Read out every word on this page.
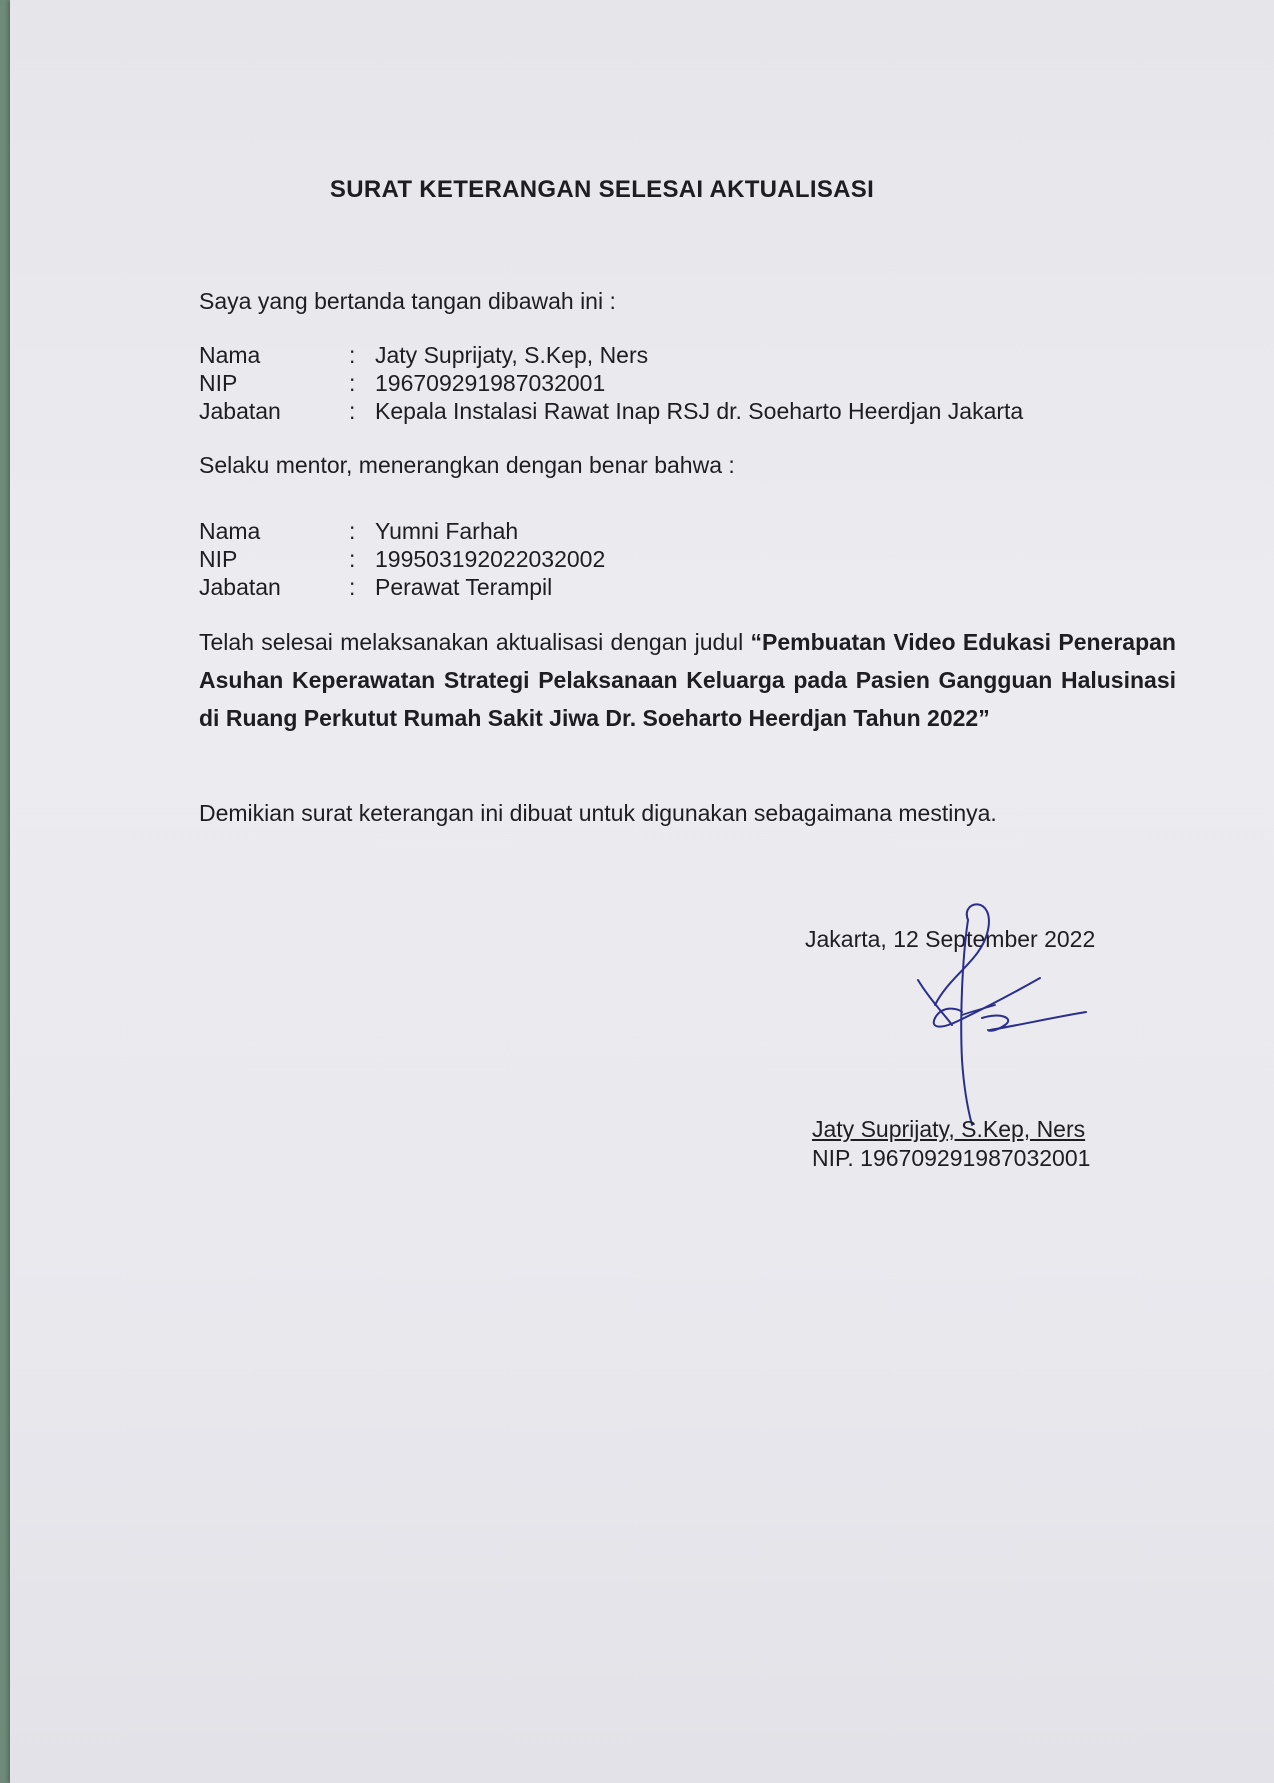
SURAT KETERANGAN SELESAI AKTUALISASI

Saya yang bertanda tangan dibawah ini :

Nama	: Jaty Suprijaty, S.Kep, Ners
NIP	: 196709291987032001
Jabatan	: Kepala Instalasi Rawat Inap RSJ dr. Soeharto Heerdjan Jakarta

Selaku mentor, menerangkan dengan benar bahwa :

Nama	: Yumni Farhah
NIP	: 199503192022032002
Jabatan	: Perawat Terampil

Telah selesai melaksanakan aktualisasi dengan judul “Pembuatan Video Edukasi Penerapan Asuhan Keperawatan Strategi Pelaksanaan Keluarga pada Pasien Gangguan Halusinasi di Ruang Perkutut Rumah Sakit Jiwa Dr. Soeharto Heerdjan Tahun 2022”

Demikian surat keterangan ini dibuat untuk digunakan sebagaimana mestinya.

Jakarta, 12 September 2022

Jaty Suprijaty, S.Kep, Ners

NIP. 196709291987032001
